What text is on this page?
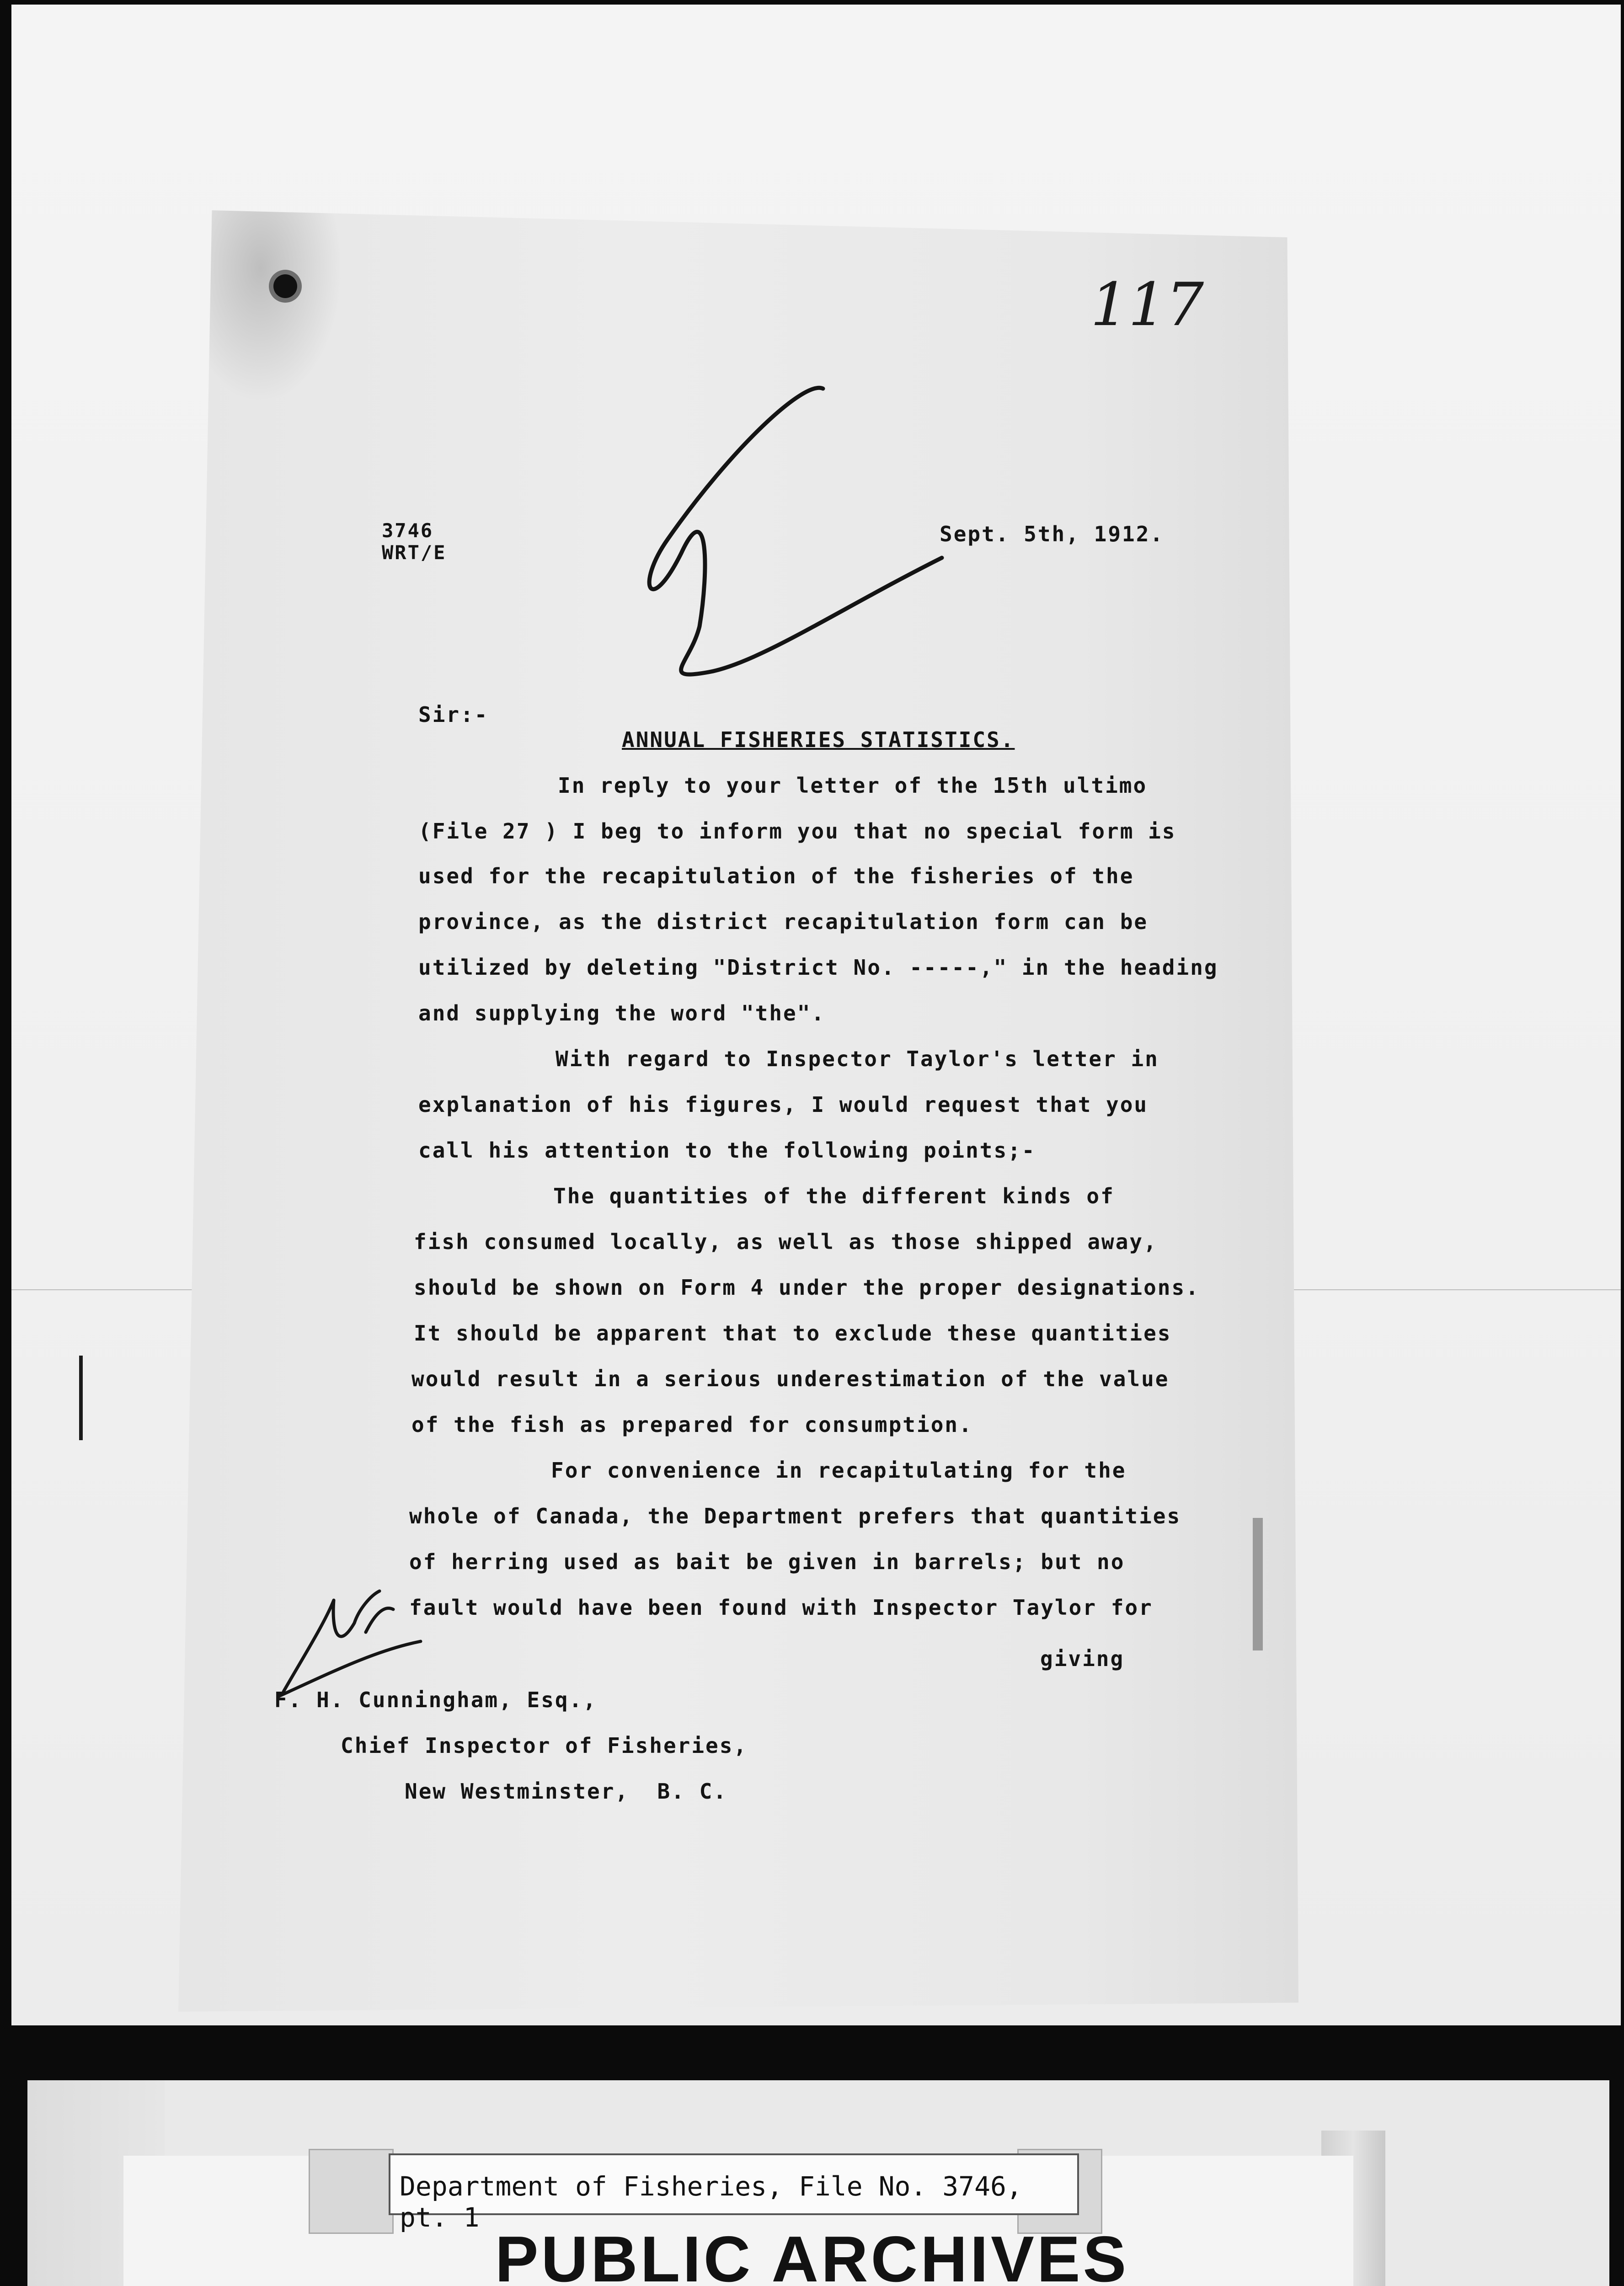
117

3746

WRT/E

Sept. 5th, 1912.

Sir:-

ANNUAL FISHERIES STATISTICS.

In reply to your letter of the 15th ultimo

(File 27 ) I beg to inform you that no special form is

used for the recapitulation of the fisheries of the

province, as the district recapitulation form can be

utilized by deleting "District No. -----," in the heading

and supplying the word "the".

With regard to Inspector Taylor's letter in

explanation of his figures, I would request that you

call his attention to the following points;-

The quantities of the different kinds of

fish consumed locally, as well as those shipped away,

should be shown on Form 4 under the proper designations.

It should be apparent that to exclude these quantities

would result in a serious underestimation of the value

of the fish as prepared for consumption.

For convenience in recapitulating for the

whole of Canada, the Department prefers that quantities

of herring used as bait be given in barrels; but no

fault would have been found with Inspector Taylor for

giving

F. H. Cunningham, Esq.,

Chief Inspector of Fisheries,

New Westminster,  B. C.

Department of Fisheries, File No. 3746, pt. 1

PUBLIC ARCHIVES
